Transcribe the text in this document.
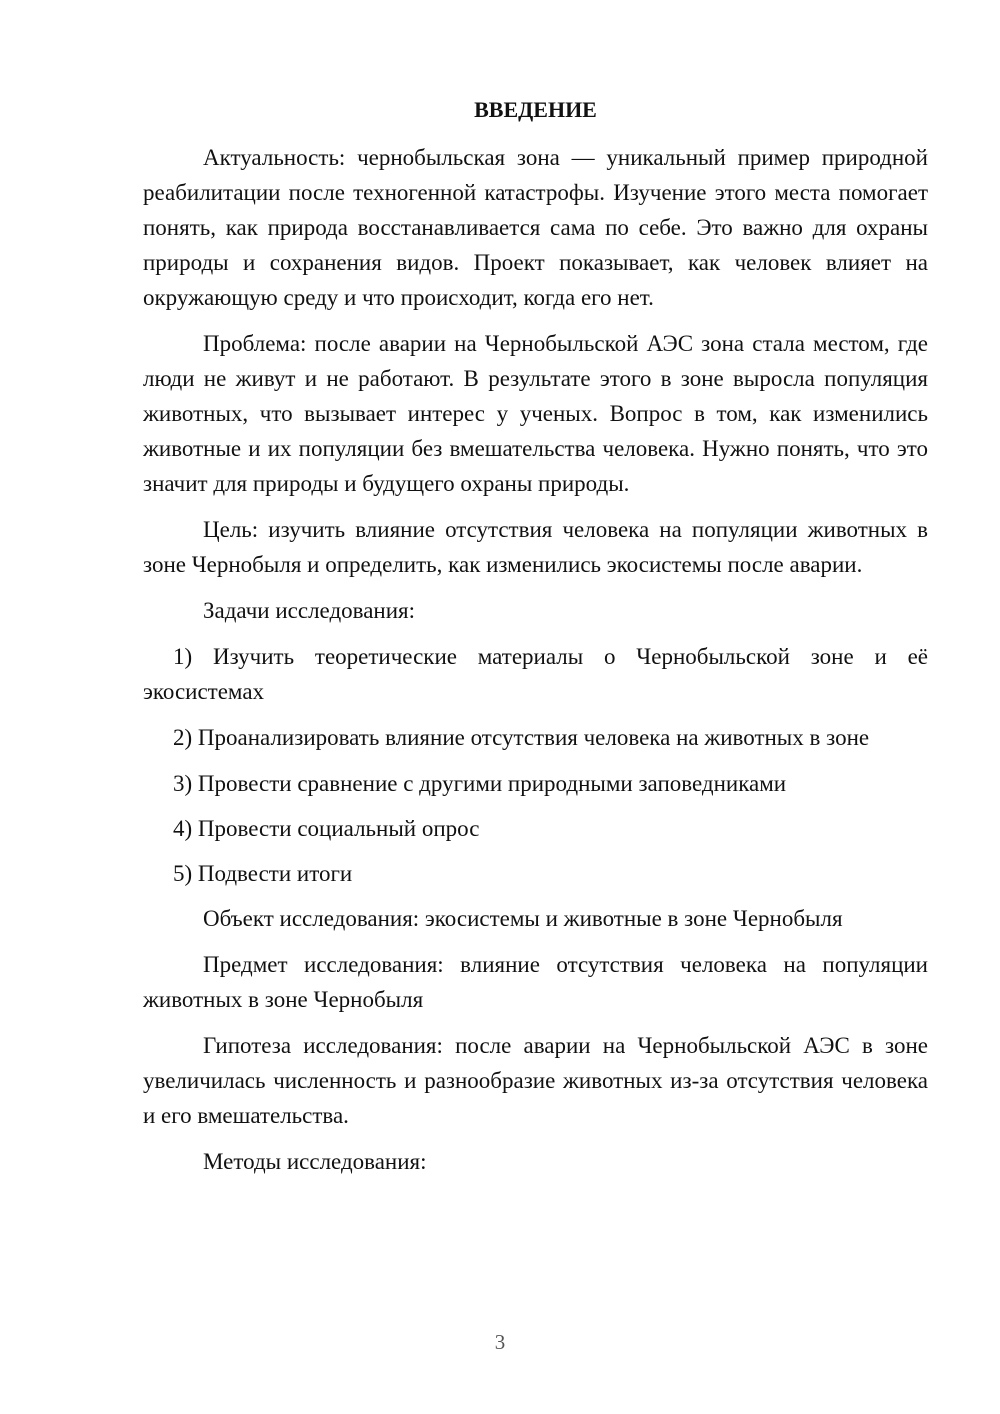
ВВЕДЕНИЕ

Актуальность: чернобыльская зона — уникальный пример природной реабилитации после техногенной катастрофы. Изучение этого места помогает понять, как природа восстанавливается сама по себе. Это важно для охраны природы и сохранения видов. Проект показывает, как человек влияет на окружающую среду и что происходит, когда его нет.

Проблема: после аварии на Чернобыльской АЭС зона стала местом, где люди не живут и не работают. В результате этого в зоне выросла популяция животных, что вызывает интерес у ученых. Вопрос в том, как изменились животные и их популяции без вмешательства человека. Нужно понять, что это значит для природы и будущего охраны природы.

Цель: изучить влияние отсутствия человека на популяции животных в зоне Чернобыля и определить, как изменились экосистемы после аварии.

Задачи исследования:

1) Изучить теоретические материалы о Чернобыльской зоне и её экосистемах

2) Проанализировать влияние отсутствия человека на животных в зоне

3) Провести сравнение с другими природными заповедниками

4) Провести социальный опрос

5) Подвести итоги

Объект исследования: экосистемы и животные в зоне Чернобыля

Предмет исследования: влияние отсутствия человека на популяции животных в зоне Чернобыля

Гипотеза исследования: после аварии на Чернобыльской АЭС в зоне увеличилась численность и разнообразие животных из-за отсутствия человека и его вмешательства.

Методы исследования:

3
